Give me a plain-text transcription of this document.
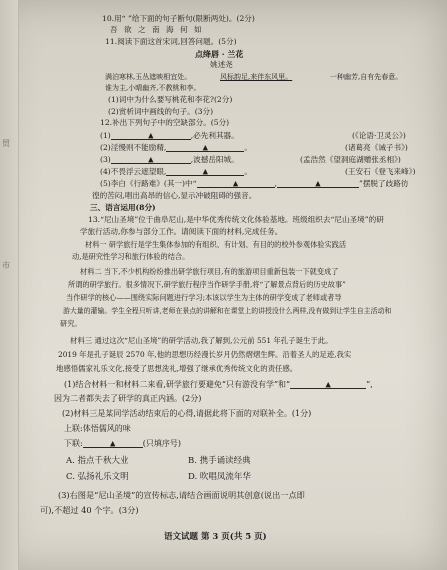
贸
市
10.用“ ”给下面的句子断句(限断两处)。(2分)
吾 欲 之 南 海 何 如
11.阅读下面这首宋词,回答问题。(5分)
点绛唇 · 兰花
姚述尧
满泊寒林,玉丛遮映相宜处。	风标韵足,来伴东风里。	一种幽芳,自有先春意。
谁为主,小晴幽齐,不教桃和李。
(1)词中为什么要写桃花和李花?(2分)
(2)赏析词中画线的句子。(3分)
12.补出下列句子中的空缺部分。(5分)
(1)	▲	,必先利其器。	(《论语·卫灵公》)
(2)淫慢则不能励精,	▲	。	(诸葛亮《诫子书》)
(3)	▲	,波撼岳阳城。	(孟浩然《望洞庭湖赠张丞相》)
(4)不畏浮云遮望眼,	▲	。	(王安石《登飞来峰》)
(5)李白《行路难》(其一)中“	▲	,	▲	”摆脱了歧路彷
徨的苦闷,唱出高昂的信心,显示冲破阻碍的强音。
三、语言运用(8分)
13.“尼山圣境”位于曲阜尼山,是中华优秀传统文化体验基地。班级组织去“尼山圣境”的研
学旅行活动,你参与部分工作。请阅读下面的材料,完成任务。
材料一 研学旅行是学生集体参加的有组织、有计划、有目的的校外参观体验实践活
动,是研究性学习和旅行体验的结合。
材料二 当下,不少机构纷纷推出研学旅行项目,有的旅游项目重新包装一下就变成了
所谓的研学旅行。很多情况下,研学旅行程序当作研学手册,将“了解景点背后的历史故事”
当作研学的核心——围绕实际问题进行学习;本该以学生为主体的研学变成了老师或者导
游大量的灌输。学生全程只听讲,老师在景点的讲解和在课堂上的讲授没什么两样,没有做到让学生自主活动和
研究。
材料三 通过这次“尼山圣境”的研学活动,我了解到,公元前 551 年孔子诞生于此。
2019 年是孔子诞辰 2570 年,他的思想历经漫长岁月仍然熠熠生辉。沿着圣人的足迹,我实
地感悟儒家礼乐文化,接受了思想洗礼,增强了继承优秀传统文化的责任感。
(1)结合材料一和材料二来看,研学旅行要避免“只有游没有学”和“	▲	”,
因为二者都失去了研学的真正内涵。(2分)
(2)材料三是某同学活动结束后的心得,请据此将下面的对联补全。(1分)
上联:体悟儒风的味
下联:	▲	(只填序号)
A. 指点千秋大业	B. 携手诵读经典
C. 弘扬礼乐文明	D. 吹唱凤流年华
(3)右图是“尼山圣境”的宣传标志,请结合画面说明其创意(说出一点即
可),不超过 40 个字。(3分)
语文试题 第 3 页(共 5 页)
